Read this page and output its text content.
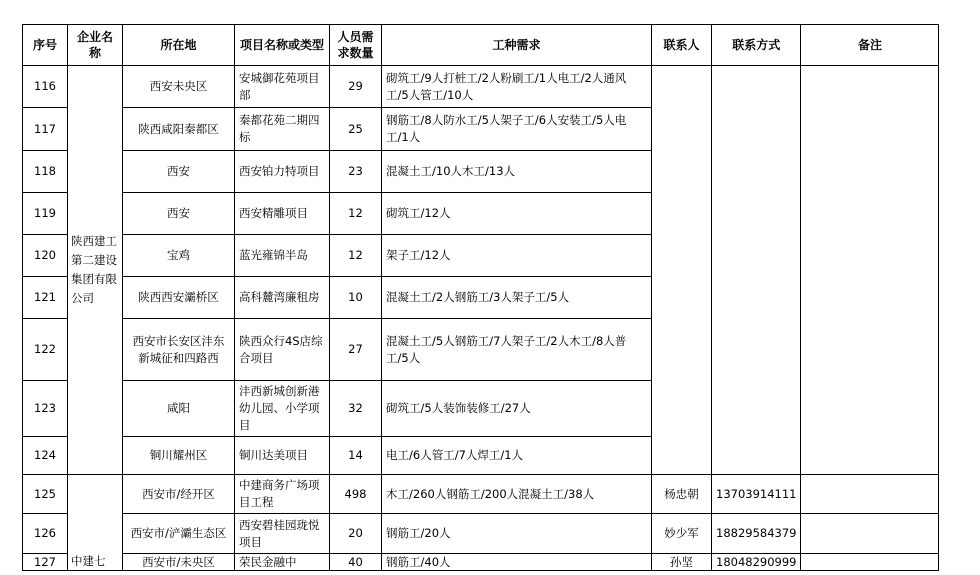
序号	企业名称	所在地	项目名称或类型	人员需求数量	工种需求	联系人	联系方式	备注
116	陕西建工第二建设集团有限公司	西安未央区	安城御花苑项目部	29	砌筑工/9人打桩工/2人粉刷工/1人电工/2人通风工/5人管工/10人			
117		陕西咸阳秦都区	秦都花苑二期四标	25	钢筋工/8人防水工/5人架子工/6人安装工/5人电工/1人			
118		西安	西安铂力特项目	23	混凝土工/10人木工/13人			
119		西安	西安精雕项目	12	砌筑工/12人			
120		宝鸡	蓝光雍锦半岛	12	架子工/12人			
121		陕西西安灞桥区	高科麓湾廉租房	10	混凝土工/2人钢筋工/3人架子工/5人			
122		西安市长安区沣东新城征和四路西	陕西众行4S店综合项目	27	混凝土工/5人钢筋工/7人架子工/2人木工/8人普工/5人			
123		咸阳	沣西新城创新港幼儿园、小学项目	32	砌筑工/5人装饰装修工/27人			
124		铜川耀州区	铜川达美项目	14	电工/6人管工/7人焊工/1人			
125	中建七	西安市/经开区	中建商务广场项目工程	498	木工/260人钢筋工/200人混凝土工/38人	杨忠朝	13703914111	
126		西安市/浐灞生态区	西安碧桂园珑悦项目	20	钢筋工/20人	妙少军	18829584379	
127		西安市/未央区	荣民金融中	40	钢筋工/40人	孙坚	18048290999	
